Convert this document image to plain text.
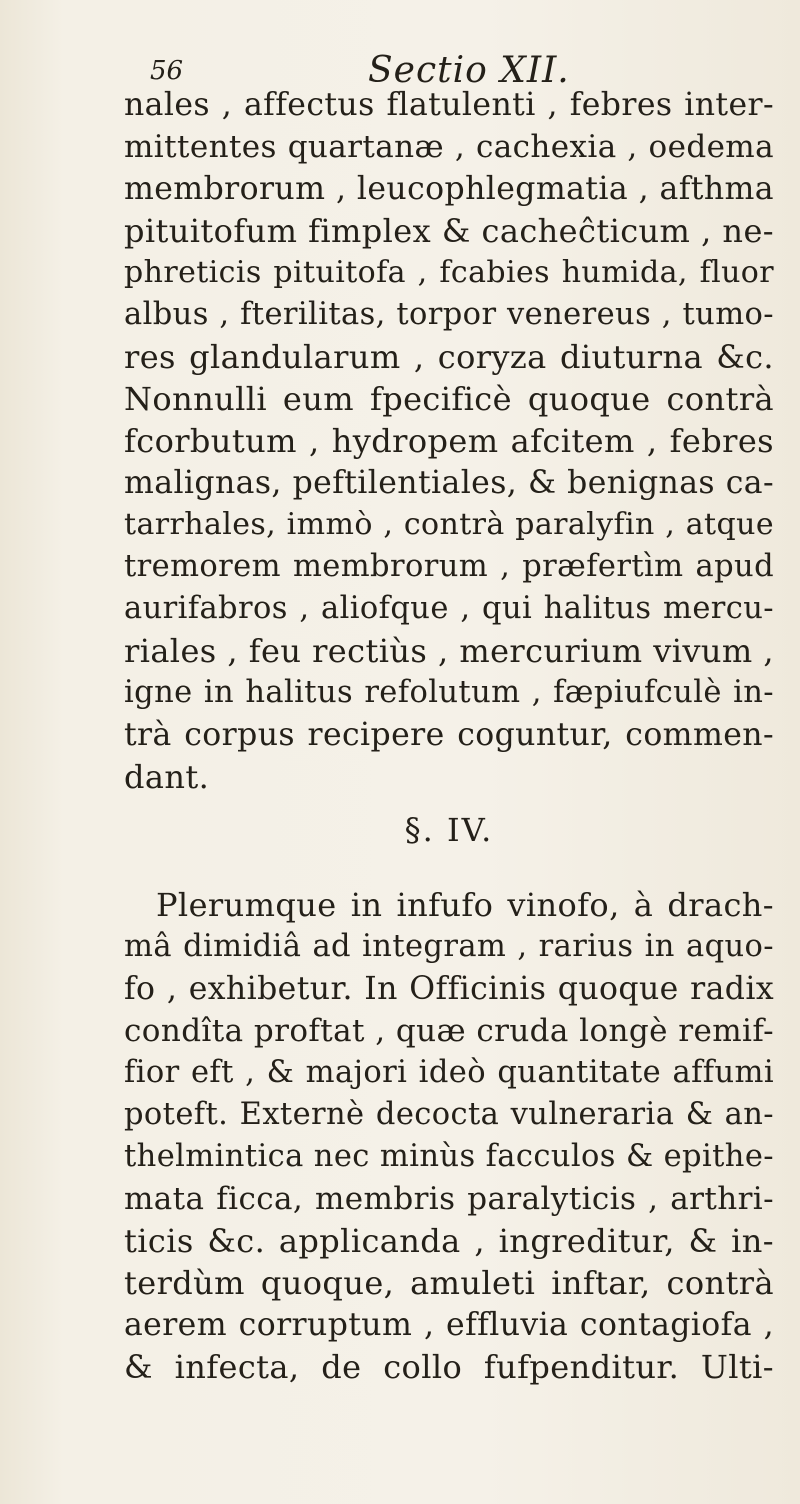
56	Sectio XII.
nales , affectus flatulenti , febres inter-
mittentes quartanæ , cachexia , oedema
membrorum , leucophlegmatia , afthma
pituitofum fimplex & cacheĉticum , ne-
phreticis pituitofa , fcabies humida, fluor
albus , fterilitas, torpor venereus , tumo-
res glandularum , coryza diuturna &c.
Nonnulli eum fpecificè quoque contrà
fcorbutum , hydropem afcitem , febres
malignas, peftilentiales, & benignas ca-
tarrhales, immò , contrà paralyfin , atque
tremorem membrorum , præfertìm apud
aurifabros , aliofque , qui halitus mercu-
riales , feu rectiùs , mercurium vivum ,
igne in halitus refolutum , fæpiufculè in-
trà corpus recipere coguntur, commen-
dant.
§. IV.
Plerumque in infufo vinofo, à drach-
mâ dimidiâ ad integram , rarius in aquo-
fo , exhibetur. In Officinis quoque radix
condîta proftat , quæ cruda longè remif-
fior eft , & majori ideò quantitate affumi
poteft. Externè decocta vulneraria & an-
thelmintica nec minùs facculos & epithe-
mata ficca, membris paralyticis , arthri-
ticis &c. applicanda , ingreditur, & in-
terdùm quoque, amuleti inftar, contrà
aerem corruptum , effluvia contagiofa ,
& infecta, de collo fufpenditur. Ulti-
